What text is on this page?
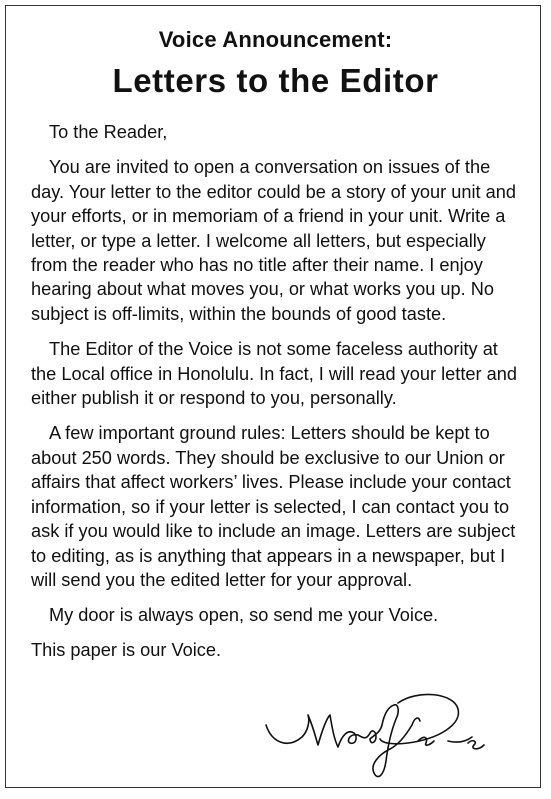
Voice Announcement:
Letters to the Editor

To the Reader,

You are invited to open a conversation on issues of the day. Your letter to the editor could be a story of your unit and your efforts, or in memoriam of a friend in your unit. Write a letter, or type a letter. I welcome all letters, but especially from the reader who has no title after their name. I enjoy hearing about what moves you, or what works you up. No subject is off-limits, within the bounds of good taste.

The Editor of the Voice is not some faceless authority at the Local office in Honolulu. In fact, I will read your letter and either publish it or respond to you, personally.

A few important ground rules: Letters should be kept to about 250 words. They should be exclusive to our Union or affairs that affect workers’ lives. Please include your contact information, so if your letter is selected, I can contact you to ask if you would like to include an image. Letters are subject to editing, as is anything that appears in a newspaper, but I will send you the edited letter for your approval.

My door is always open, so send me your Voice.

This paper is our Voice.
